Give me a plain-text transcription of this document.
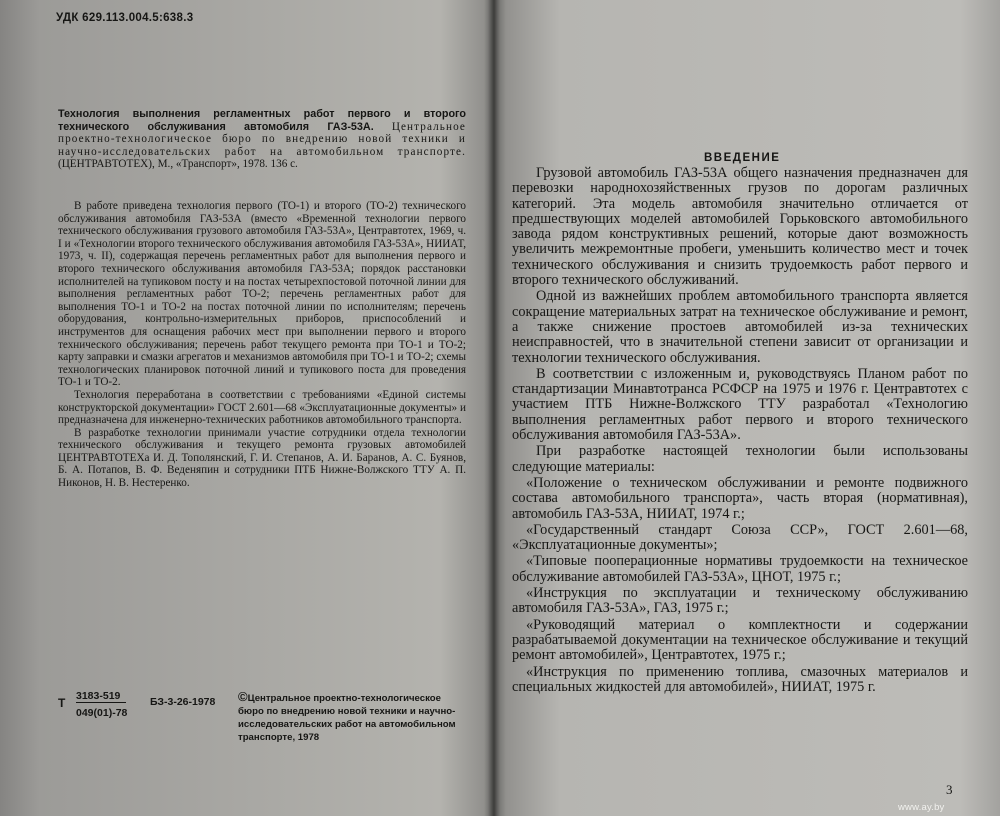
УДК 629.113.004.5:638.3

Технология выполнения регламентных работ первого и второго технического обслуживания автомобиля ГАЗ-53А. Центральное проектно-технологическое бюро по внедрению новой техники и научно-исследовательских работ на автомобильном транспорте. (ЦЕНТРАВТОТЕХ), М., «Транспорт», 1978. 136 с.

В работе приведена технология первого (ТО-1) и второго (ТО-2) технического обслуживания автомобиля ГАЗ-53А (вместо «Временной технологии первого технического обслуживания грузового автомобиля ГАЗ-53А», Центравтотех, 1969, ч. I и «Технологии второго технического обслуживания автомобиля ГАЗ-53А», НИИАТ, 1973, ч. II), содержащая перечень регламентных работ для выполнения первого и второго технического обслуживания автомобиля ГАЗ-53А; порядок расстановки исполнителей на тупиковом посту и на постах четырехпостовой поточной линии для выполнения регламентных работ ТО-2; перечень регламентных работ для выполнения ТО-1 и ТО-2 на постах поточной линии по исполнителям; перечень оборудования, контрольно-измерительных приборов, приспособлений и инструментов для оснащения рабочих мест при выполнении первого и второго технического обслуживания; перечень работ текущего ремонта при ТО-1 и ТО-2; карту заправки и смазки агрегатов и механизмов автомобиля при ТО-1 и ТО-2; схемы технологических планировок поточной линий и тупикового поста для проведения ТО-1 и ТО-2.

Технология переработана в соответствии с требованиями «Единой системы конструкторской документации» ГОСТ 2.601—68 «Эксплуатационные документы» и предназначена для инженерно-технических работников автомобильного транспорта.

В разработке технологии принимали участие сотрудники отдела технологии технического обслуживания и текущего ремонта грузовых автомобилей ЦЕНТРАВТОТЕХа И. Д. Тополянский, Г. И. Степанов, А. И. Баранов, А. С. Буянов, Б. А. Потапов, В. Ф. Веденяпин и сотрудники ПТБ Нижне-Волжского ТТУ А. П. Никонов, Н. В. Нестеренко.

Т 3183-519
049(01)-78
БЗ-3-26-1978 ©Центральное проектно-технологическое бюро по внедрению новой техники и научно-исследовательских работ на автомобильном транспорте, 1978
ВВЕДЕНИЕ

Грузовой автомобиль ГАЗ-53А общего назначения предназначен для перевозки народнохозяйственных грузов по дорогам различных категорий. Эта модель автомобиля значительно отличается от предшествующих моделей автомобилей Горьковского автомобильного завода рядом конструктивных решений, которые дают возможность увеличить межремонтные пробеги, уменьшить количество мест и точек технического обслуживания и снизить трудоемкость работ первого и второго технического обслуживаний.

Одной из важнейших проблем автомобильного транспорта является сокращение материальных затрат на техническое обслуживание и ремонт, а также снижение простоев автомобилей из-за технических неисправностей, что в значительной степени зависит от организации и технологии технического обслуживания.

В соответствии с изложенным и, руководствуясь Планом работ по стандартизации Минавтотранса РСФСР на 1975 и 1976 г. Центравтотех с участием ПТБ Нижне-Волжского ТТУ разработал «Технологию выполнения регламентных работ первого и второго технического обслуживания автомобиля ГАЗ-53А».

При разработке настоящей технологии были использованы следующие материалы:

«Положение о техническом обслуживании и ремонте подвижного состава автомобильного транспорта», часть вторая (нормативная), автомобиль ГАЗ-53А, НИИАТ, 1974 г.;

«Государственный стандарт Союза ССР», ГОСТ 2.601—68, «Эксплуатационные документы»;

«Типовые пооперационные нормативы трудоемкости на техническое обслуживание автомобилей ГАЗ-53А», ЦНОТ, 1975 г.;

«Инструкция по эксплуатации и техническому обслуживанию автомобиля ГАЗ-53А», ГАЗ, 1975 г.;

«Руководящий материал о комплектности и содержании разрабатываемой документации на техническое обслуживание и текущий ремонт автомобилей», Центравтотех, 1975 г.;

«Инструкция по применению топлива, смазочных материалов и специальных жидкостей для автомобилей», НИИАТ, 1975 г.

3
www.ay.by
